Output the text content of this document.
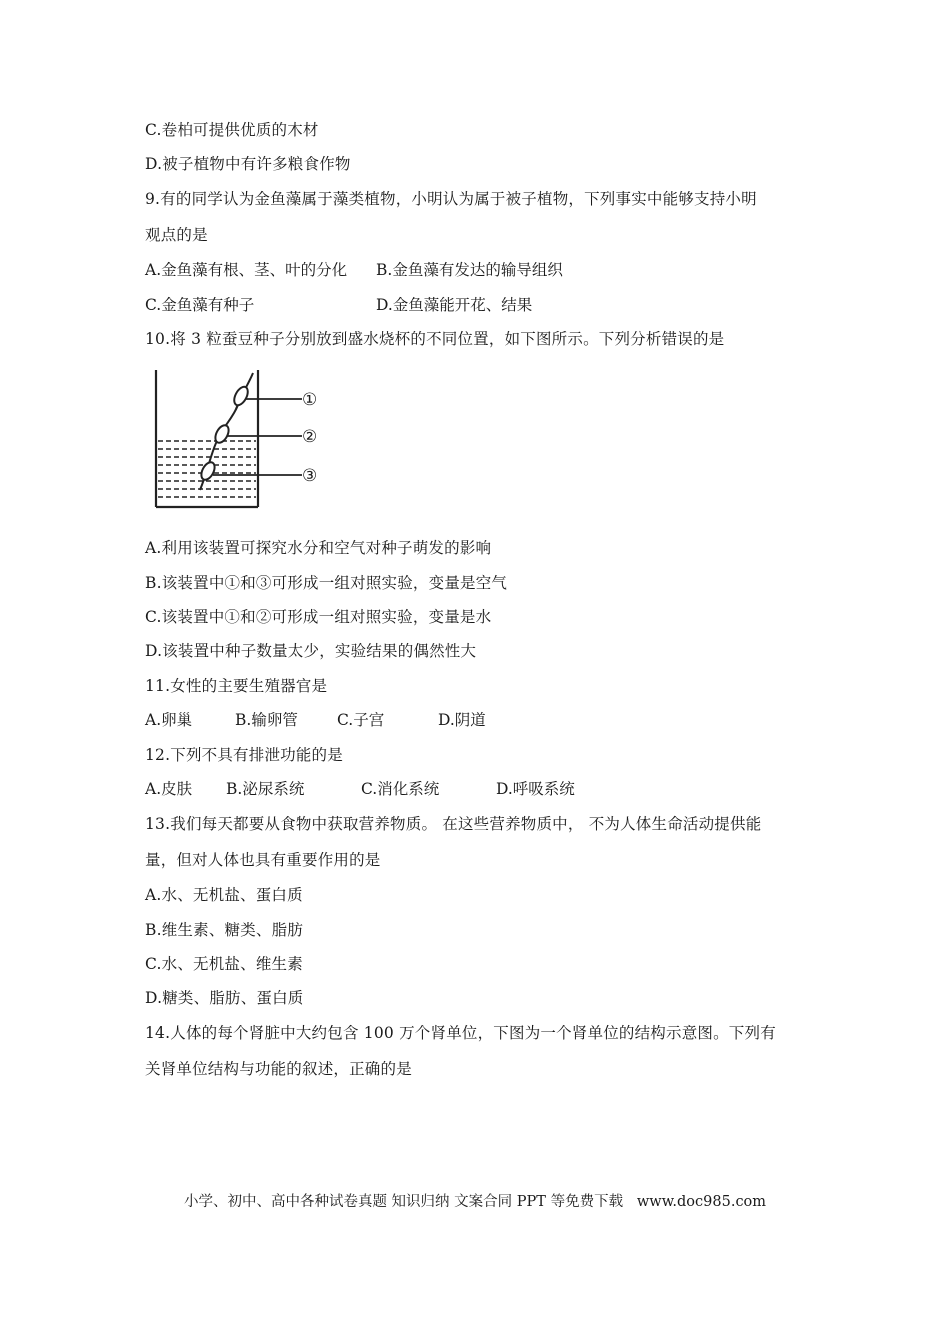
C.卷柏可提供优质的木材
D.被子植物中有许多粮食作物
9.有的同学认为金鱼藻属于藻类植物，小明认为属于被子植物，下列事实中能够支持小明
观点的是
A.金鱼藻有根、茎、叶的分化 B.金鱼藻有发达的输导组织
C.金鱼藻有种子	D.金鱼藻能开花、结果
10.将 3 粒蚕豆种子分别放到盛水烧杯的不同位置，如下图所示。下列分析错误的是
①
②
③
A.利用该装置可探究水分和空气对种子萌发的影响
B.该装置中①和③可形成一组对照实验，变量是空气
C.该装置中①和②可形成一组对照实验，变量是水
D.该装置中种子数量太少，实验结果的偶然性大
11.女性的主要生殖器官是
A.卵巢	B.输卵管	C.子宫	D.阴道
12.下列不具有排泄功能的是
A.皮肤 B.泌尿系统	C.消化系统	D.呼吸系统
13.我们每天都要从食物中获取营养物质。 在这些营养物质中， 不为人体生命活动提供能
量，但对人体也具有重要作用的是
A.水、无机盐、蛋白质
B.维生素、糖类、脂肪
C.水、无机盐、维生素
D.糖类、脂肪、蛋白质
14.人体的每个肾脏中大约包含 100 万个肾单位，下图为一个肾单位的结构示意图。下列有
关肾单位结构与功能的叙述，正确的是
小学、初中、高中各种试卷真题 知识归纳 文案合同 PPT 等免费下载   www.doc985.com
